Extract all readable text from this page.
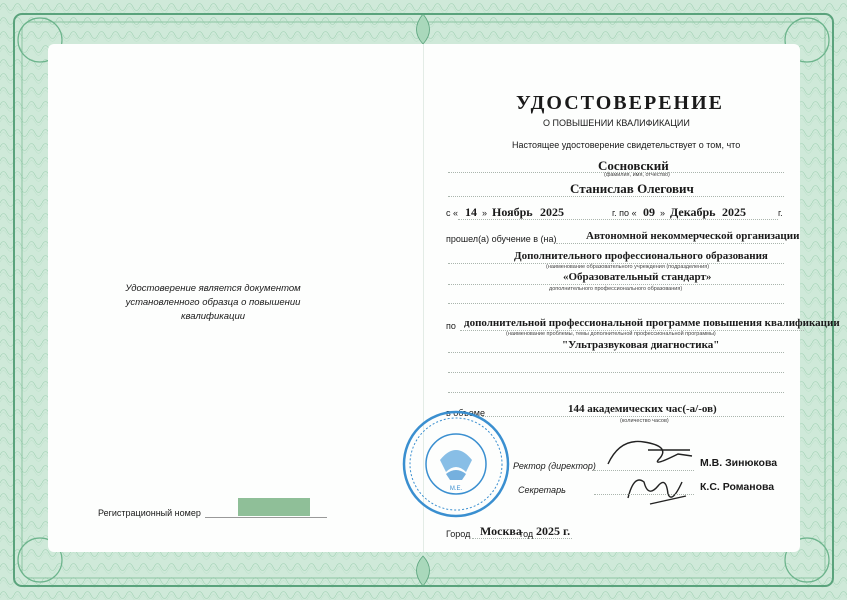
Удостоверение является документом установленного образца о повышении квалификации
Регистрационный номер
УДОСТОВЕРЕНИЕ
О ПОВЫШЕНИИ КВАЛИФИКАЦИИ
Настоящее удостоверение свидетельствует о том, что
Сосновский
(фамилия, имя, отчество)
Станислав Олегович
с « 14 » Ноябрь 2025	г. по « 09 » Декабрь 2025	г.
прошел(а) обучение в (на)	Автономной некоммерческой организации
Дополнительного профессионального образования
(наименование образовательного учреждения (подразделения)
«Образовательный стандарт»
дополнительного профессионального образования)
по дополнительной профессиональной программе повышения квалификации
(наименование проблемы, темы дополнительной профессиональной программы)
"Ультразвуковая диагностика"
в объеме	144 академических час(-а/-ов)
(количество часов)
М.Е.
Ректор (директор)	М.В. Зинюкова
Секретарь	К.С. Романова
Город Москва
год 2025 г.
